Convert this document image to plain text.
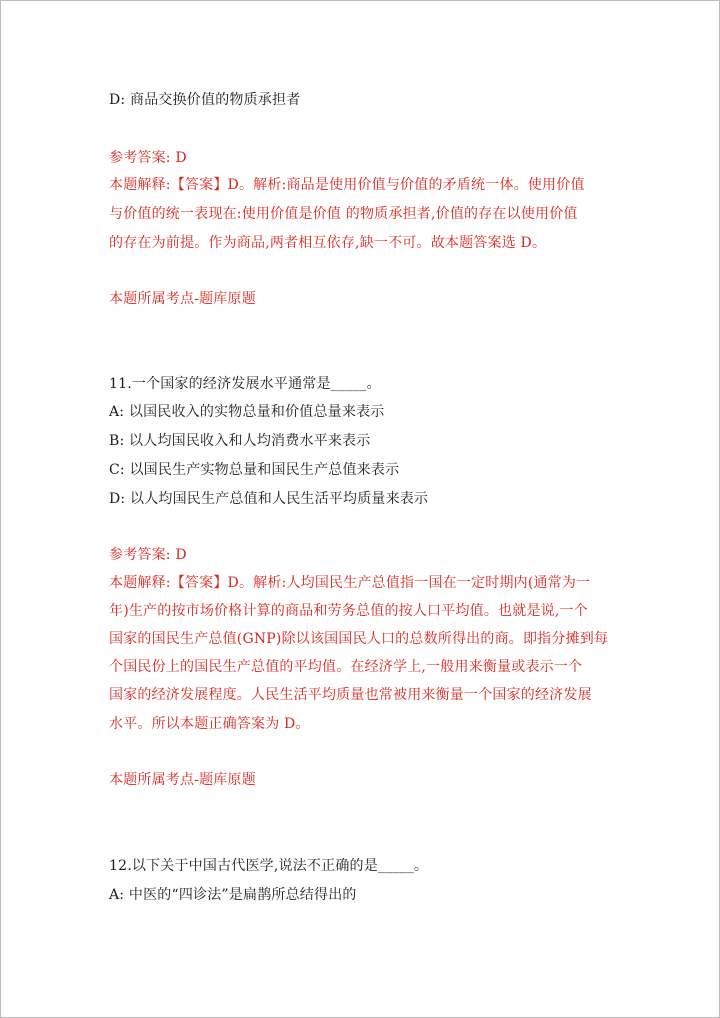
D: 商品交换价值的物质承担者
参考答案: D
本题解释:【答案】D。解析:商品是使用价值与价值的矛盾统一体。使用价值
与价值的统一表现在:使用价值是价值 的物质承担者,价值的存在以使用价值
的存在为前提。作为商品,两者相互依存,缺一不可。故本题答案选 D。
本题所属考点-题库原题
11.一个国家的经济发展水平通常是_____。
A: 以国民收入的实物总量和价值总量来表示
B: 以人均国民收入和人均消费水平来表示
C: 以国民生产实物总量和国民生产总值来表示
D: 以人均国民生产总值和人民生活平均质量来表示
参考答案: D
本题解释:【答案】D。解析:人均国民生产总值指一国在一定时期内(通常为一
年)生产的按市场价格计算的商品和劳务总值的按人口平均值。也就是说,一个
国家的国民生产总值(GNP)除以该国国民人口的总数所得出的商。即指分摊到每
个国民份上的国民生产总值的平均值。在经济学上,一般用来衡量或表示一个
国家的经济发展程度。人民生活平均质量也常被用来衡量一个国家的经济发展
水平。所以本题正确答案为 D。
本题所属考点-题库原题
12.以下关于中国古代医学,说法不正确的是_____。
A: 中医的“四诊法”是扁鹊所总结得出的
